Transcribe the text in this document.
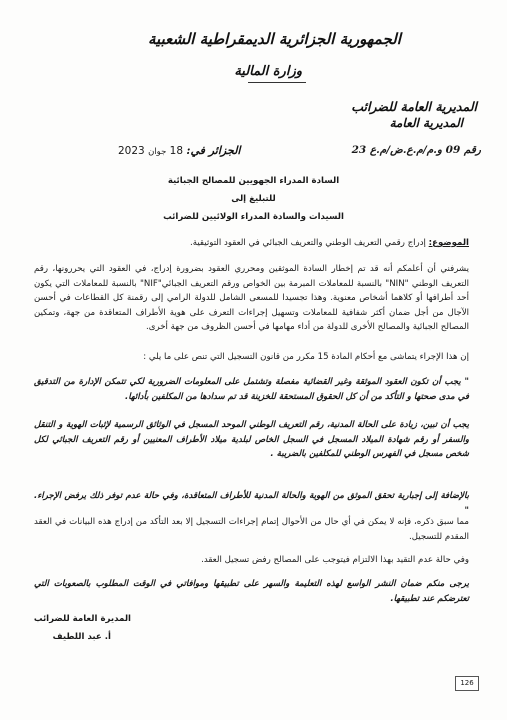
الجمهورية الجزائرية الديمقراطية الشعبية
وزارة المالية
المديرية العامة للضرائب
المديرية العامة
رقم 09 و.م/م.ع.ض/م.ع 23
الجزائر في: 18 جوان 2023
السادة المدراء الجهويين للمصالح الجبائية
للتبليغ إلى
السيدات والسادة المدراء الولائيين للضرائب

الموضوع: إدراج رقمي التعريف الوطني والتعريف الجبائي في العقود التوثيقية.

يشرفني أن أعلمكم أنه قد تم إخطار السادة الموثقين ومحرري العقود بضرورة إدراج، في العقود التي يحررونها، رقم التعريف الوطني "NIN" بالنسبة للمعاملات المبرمة بين الخواص ورقم التعريف الجبائي"NIF" بالنسبة للمعاملات التي يكون أحد أطرافها أو كلاهما أشخاص معنوية. وهذا تجسيدا للمسعى الشامل للدولة الرامي إلى رقمنة كل القطاعات في أحسن الآجال من أجل ضمان أكثر شفافية للمعاملات وتسهيل إجراءات التعرف على هوية الأطراف المتعاقدة من جهة، وتمكين المصالح الجبائية والمصالح الأخرى للدولة من أداء مهامها في أحسن الظروف من جهة أخرى.

إن هذا الإجراء يتماشى مع أحكام المادة 15 مكرر من قانون التسجيل التي تنص على ما يلي :

" يجب أن تكون العقود الموثقة وغير القضائية مفصلة وتشتمل على المعلومات الضرورية لكي تتمكن الإدارة من التدقيق في مدى صحتها و التأكد من أن كل الحقوق المستحقة للخزينة قد تم سدادها من المكلفين بأدائها.

يجب أن تبين، زيادة على الحالة المدنية، رقم التعريف الوطني الموحد المسجل في الوثائق الرسمية لإثبات الهوية و التنقل والسفر أو رقم شهادة الميلاد المسجل في السجل الخاص لبلدية ميلاد الأطراف المعنيين أو رقم التعريف الجبائي لكل شخص مسجل في الفهرس الوطني للمكلفين بالضريبة .

بالإضافة إلى إجبارية تحقق الموثق من الهوية والحالة المدنية للأطراف المتعاقدة، وفي حالة عدم توفر ذلك يرفض الإجراء. "

مما سبق ذكره، فإنه لا يمكن في أي حال من الأحوال إتمام إجراءات التسجيل إلا بعد التأكد من إدراج هذه البيانات في العقد المقدم للتسجيل.

وفي حالة عدم التقيد بهذا الالتزام فيتوجب على المصالح رفض تسجيل العقد.

يرجى منكم ضمان النشر الواسع لهذه التعليمة والسهر على تطبيقها وموافاتي في الوقت المطلوب بالصعوبات التي تعترضكم عند تطبيقها.

المديرة العامة للضرائب
أ. عبد اللطيف
126
